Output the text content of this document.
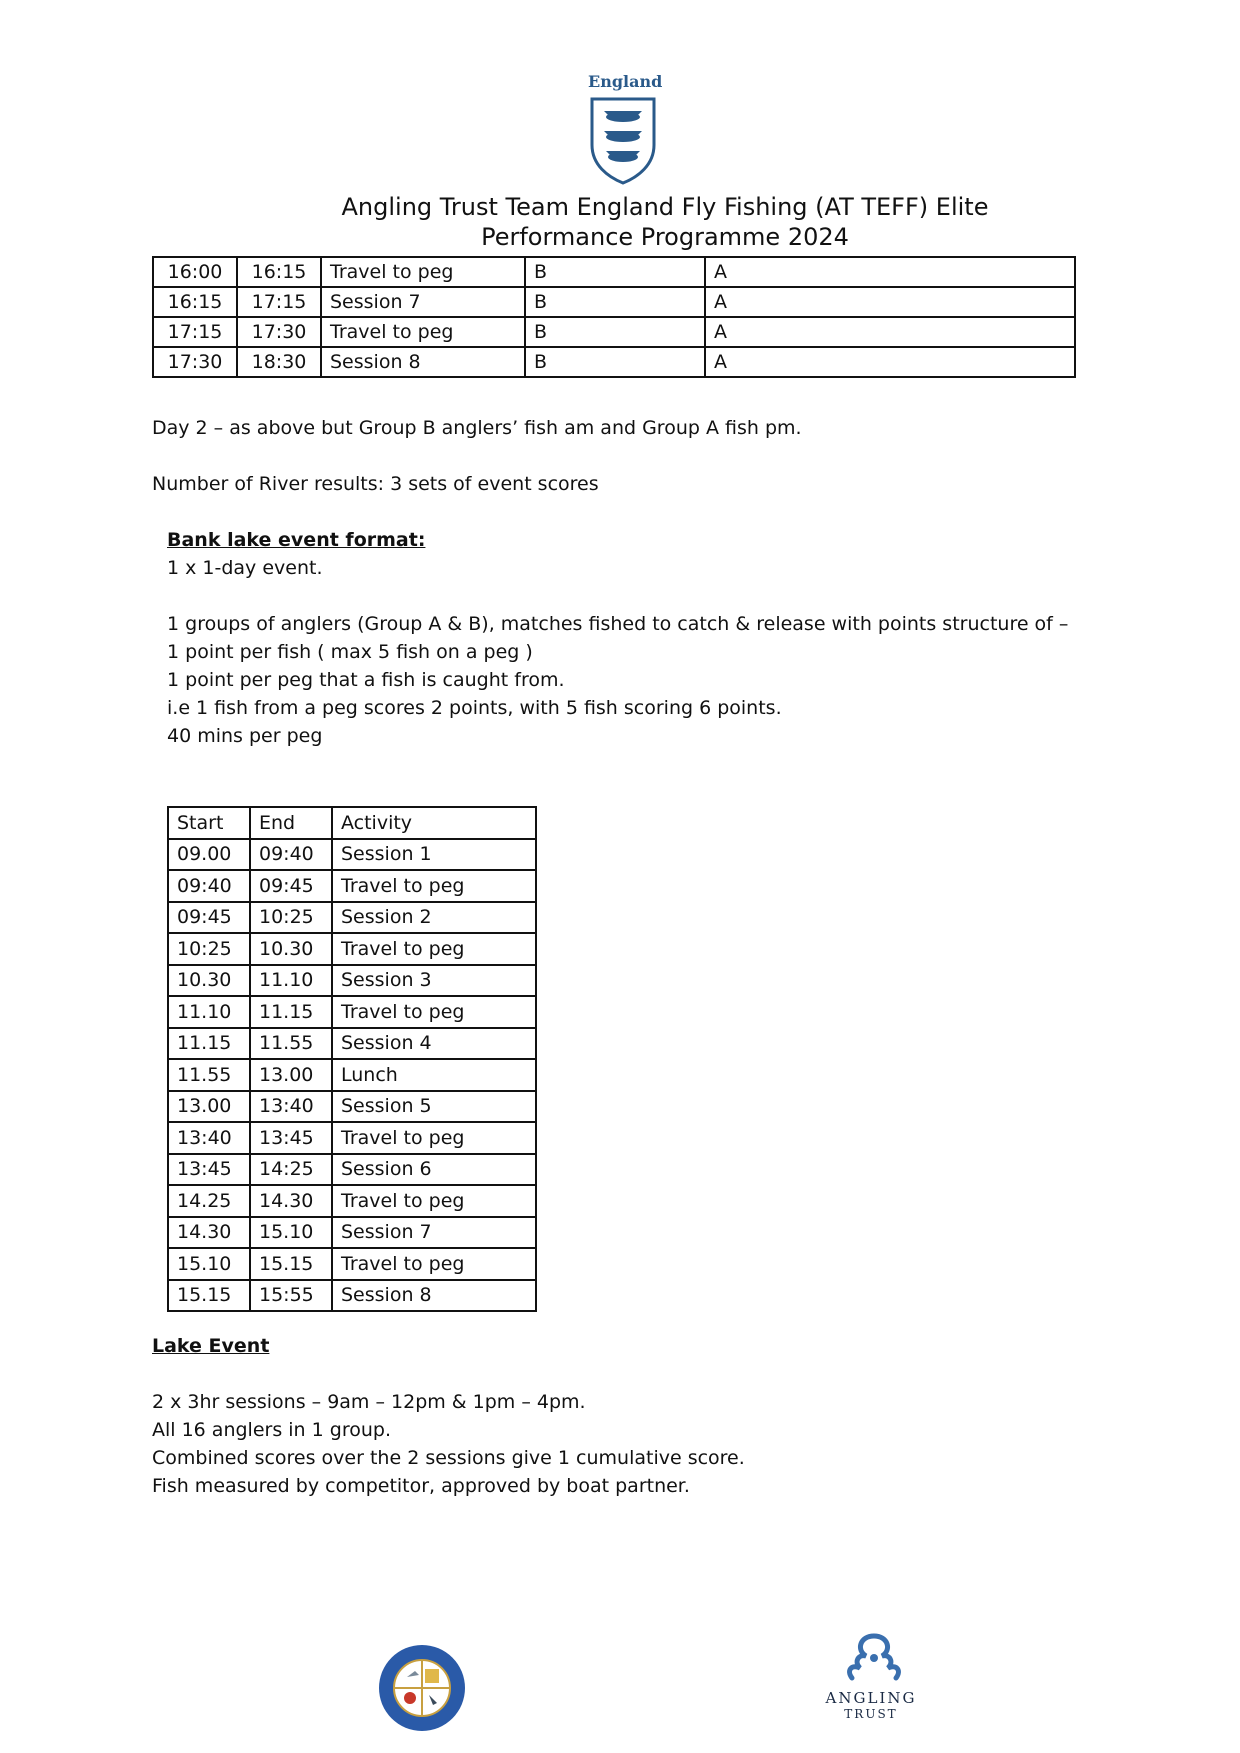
England
Angling Trust Team England Fly Fishing (AT TEFF) Elite
Performance Programme 2024
16:00	16:15	Travel to peg	B	A
16:15	17:15	Session 7	B	A
17:15	17:30	Travel to peg	B	A
17:30	18:30	Session 8	B	A
Day 2 – as above but Group B anglers’ fish am and Group A fish pm.
Number of River results: 3 sets of event scores
Bank lake event format:
1 x 1-day event.
1 groups of anglers (Group A & B), matches fished to catch & release with points structure of –
1 point per fish ( max 5 fish on a peg )
1 point per peg that a fish is caught from.
i.e 1 fish from a peg scores 2 points, with 5 fish scoring 6 points.
40 mins per peg
Start	End	Activity
09.00	09:40	Session 1
09:40	09:45	Travel to peg
09:45	10:25	Session 2
10:25	10.30	Travel to peg
10.30	11.10	Session 3
11.10	11.15	Travel to peg
11.15	11.55	Session 4
11.55	13.00	Lunch
13.00	13:40	Session 5
13:40	13:45	Travel to peg
13:45	14:25	Session 6
14.25	14.30	Travel to peg
14.30	15.10	Session 7
15.10	15.15	Travel to peg
15.15	15:55	Session 8
Lake Event
2 x 3hr sessions – 9am – 12pm & 1pm – 4pm.
All 16 anglers in 1 group.
Combined scores over the 2 sessions give 1 cumulative score.
Fish measured by competitor, approved by boat partner.
ANGLING
TRUST
